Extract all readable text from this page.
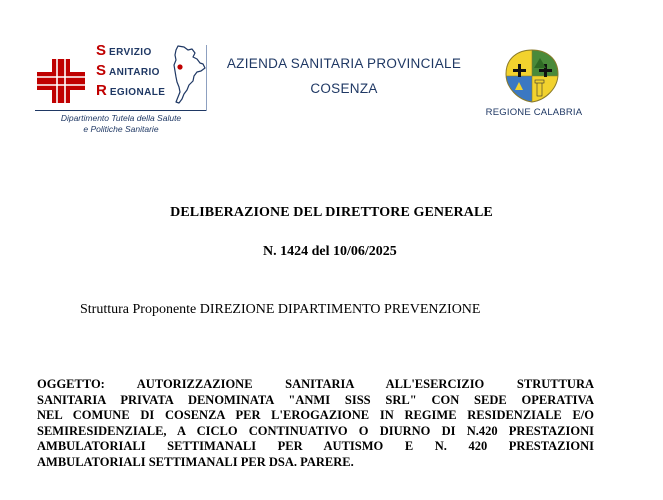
SERVIZIO
SANITARIO
REGIONALE
Dipartimento Tutela della Salute
e Politiche Sanitarie
AZIENDA SANITARIA PROVINCIALE
COSENZA
REGIONE CALABRIA
DELIBERAZIONE DEL DIRETTORE GENERALE
N. 1424 del 10/06/2025
Struttura Proponente DIREZIONE DIPARTIMENTO PREVENZIONE
OGGETTO: AUTORIZZAZIONE SANITARIA ALL'ESERCIZIO STRUTTURA
SANITARIA PRIVATA DENOMINATA "ANMI SISS SRL" CON SEDE OPERATIVA
NEL COMUNE DI COSENZA PER L'EROGAZIONE IN REGIME RESIDENZIALE E/O
SEMIRESIDENZIALE, A CICLO CONTINUATIVO O DIURNO DI N.420 PRESTAZIONI
AMBULATORIALI SETTIMANALI PER AUTISMO E N. 420 PRESTAZIONI
AMBULATORIALI SETTIMANALI PER DSA. PARERE.
